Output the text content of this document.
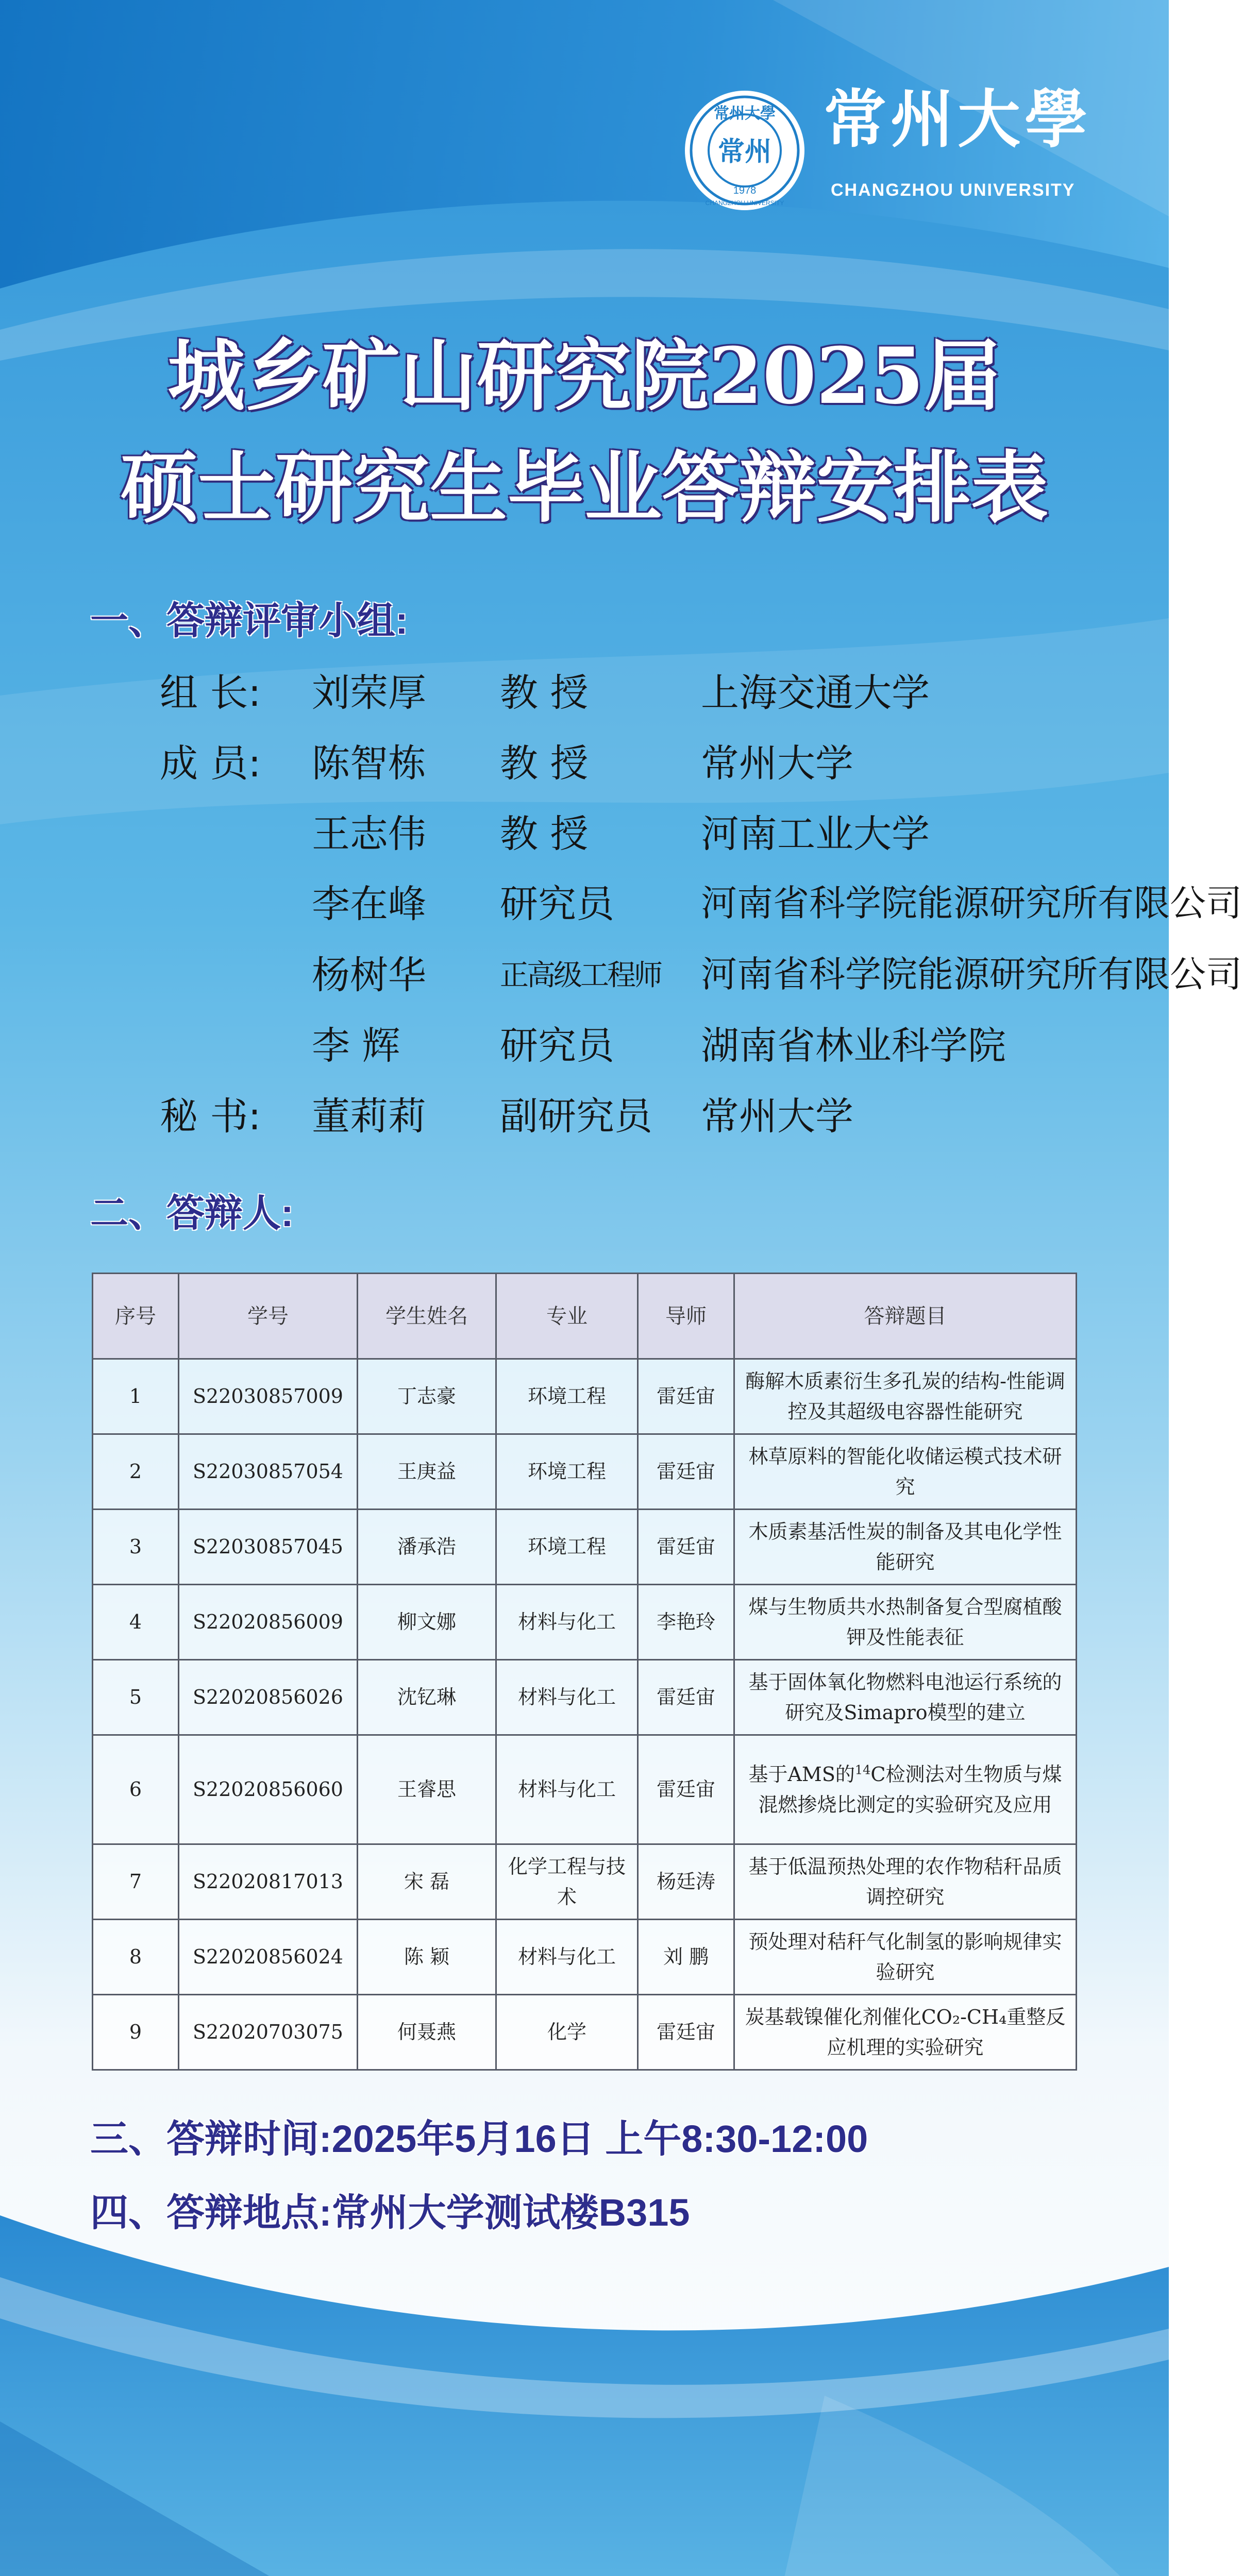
常州大學
常州
1978
CHANGZHOU UNIVERSITY
常州大學
CHANGZHOU UNIVERSITY
城乡矿山研究院2025届
硕士研究生毕业答辩安排表
一、答辩评审小组:
组 长: 刘荣厚 教 授	上海交通大学
成 员: 陈智栋 教 授	常州大学
王志伟 教 授	河南工业大学
李在峰 研究员 河南省科学院能源研究所有限公司
杨树华	正高级工程师 河南省科学院能源研究所有限公司
李 辉	研究员 湖南省林业科学院
秘 书: 董莉莉 副研究员 常州大学
二、答辩人:
序号	学号	学生姓名	专业	导师	答辩题目
1	S22030857009	丁志豪	环境工程	雷廷宙	酶解木质素衍生多孔炭的结构-性能调控及其超级电容器性能研究
2	S22030857054	王庚益	环境工程	雷廷宙	林草原料的智能化收储运模式技术研究
3	S22030857045	潘承浩	环境工程	雷廷宙	木质素基活性炭的制备及其电化学性能研究
4	S22020856009	柳文娜	材料与化工	李艳玲	煤与生物质共水热制备复合型腐植酸钾及性能表征
5	S22020856026	沈钇琳	材料与化工	雷廷宙	基于固体氧化物燃料电池运行系统的研究及Simapro模型的建立
6	S22020856060	王睿思	材料与化工	雷廷宙	基于AMS的$^{14}$C检测法对生物质与煤混燃掺烧比测定的实验研究及应用
7	S22020817013	宋 磊	化学工程与技术	杨廷涛	基于低温预热处理的农作物秸秆品质调控研究
8	S22020856024	陈 颖	材料与化工	刘 鹏	预处理对秸秆气化制氢的影响规律实验研究
9	S22020703075	何聂燕	化学	雷廷宙	炭基载镍催化剂催化CO₂-CH₄重整反应机理的实验研究
三、答辩时间:2025年5月16日 上午8:30-12:00
四、答辩地点:常州大学测试楼B315
